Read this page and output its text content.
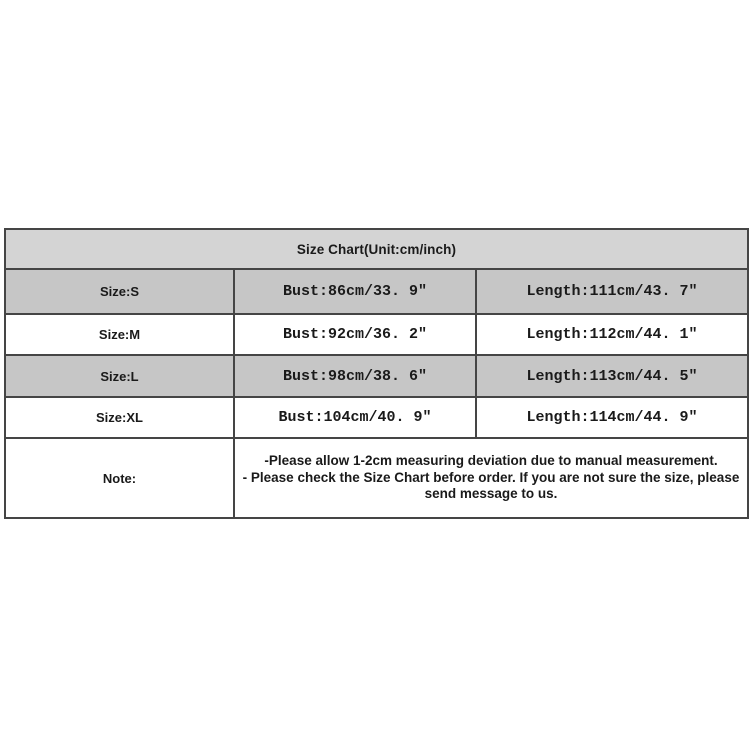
Size Chart(Unit:cm/inch)		
Size:S	Bust:86cm/33. 9″	Length:111cm/43. 7″
Size:M	Bust:92cm/36. 2″	Length:112cm/44. 1″
Size:L	Bust:98cm/38. 6″	Length:113cm/44. 5″
Size:XL	Bust:104cm/40. 9″	Length:114cm/44. 9″
Note:	-Please allow 1-2cm measuring deviation due to manual measurement.
- Please check the Size Chart before order. If you are not sure the size, please
send message to us.	
